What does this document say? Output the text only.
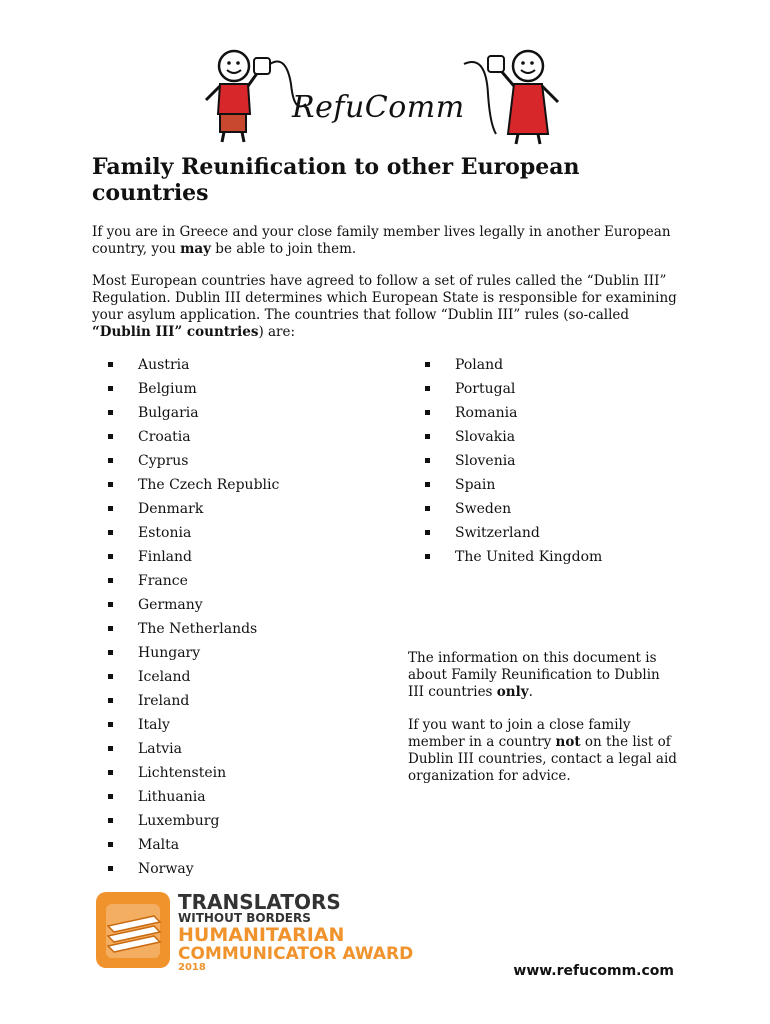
RefuComm
Family Reunification to other European countries

If you are in Greece and your close family member lives legally in another European country, you may be able to join them.

Most European countries have agreed to follow a set of rules called the “Dublin III” Regulation. Dublin III determines which European State is responsible for examining your asylum application. The countries that follow “Dublin III” rules (so-called “Dublin III” countries) are:

Austria
Belgium
Bulgaria
Croatia
Cyprus
The Czech Republic
Denmark
Estonia
Finland
France
Germany
The Netherlands
Hungary
Iceland
Ireland
Italy
Latvia
Lichtenstein
Lithuania
Luxemburg
Malta
Norway
Poland
Portugal
Romania
Slovakia
Slovenia
Spain
Sweden
Switzerland
The United Kingdom

The information on this document is about Family Reunification to Dublin III countries only.

If you want to join a close family member in a country not on the list of Dublin III countries, contact a legal aid organization for advice.

TRANSLATORS
WITHOUT BORDERS
HUMANITARIAN
COMMUNICATOR AWARD
2018	www.refucomm.com
